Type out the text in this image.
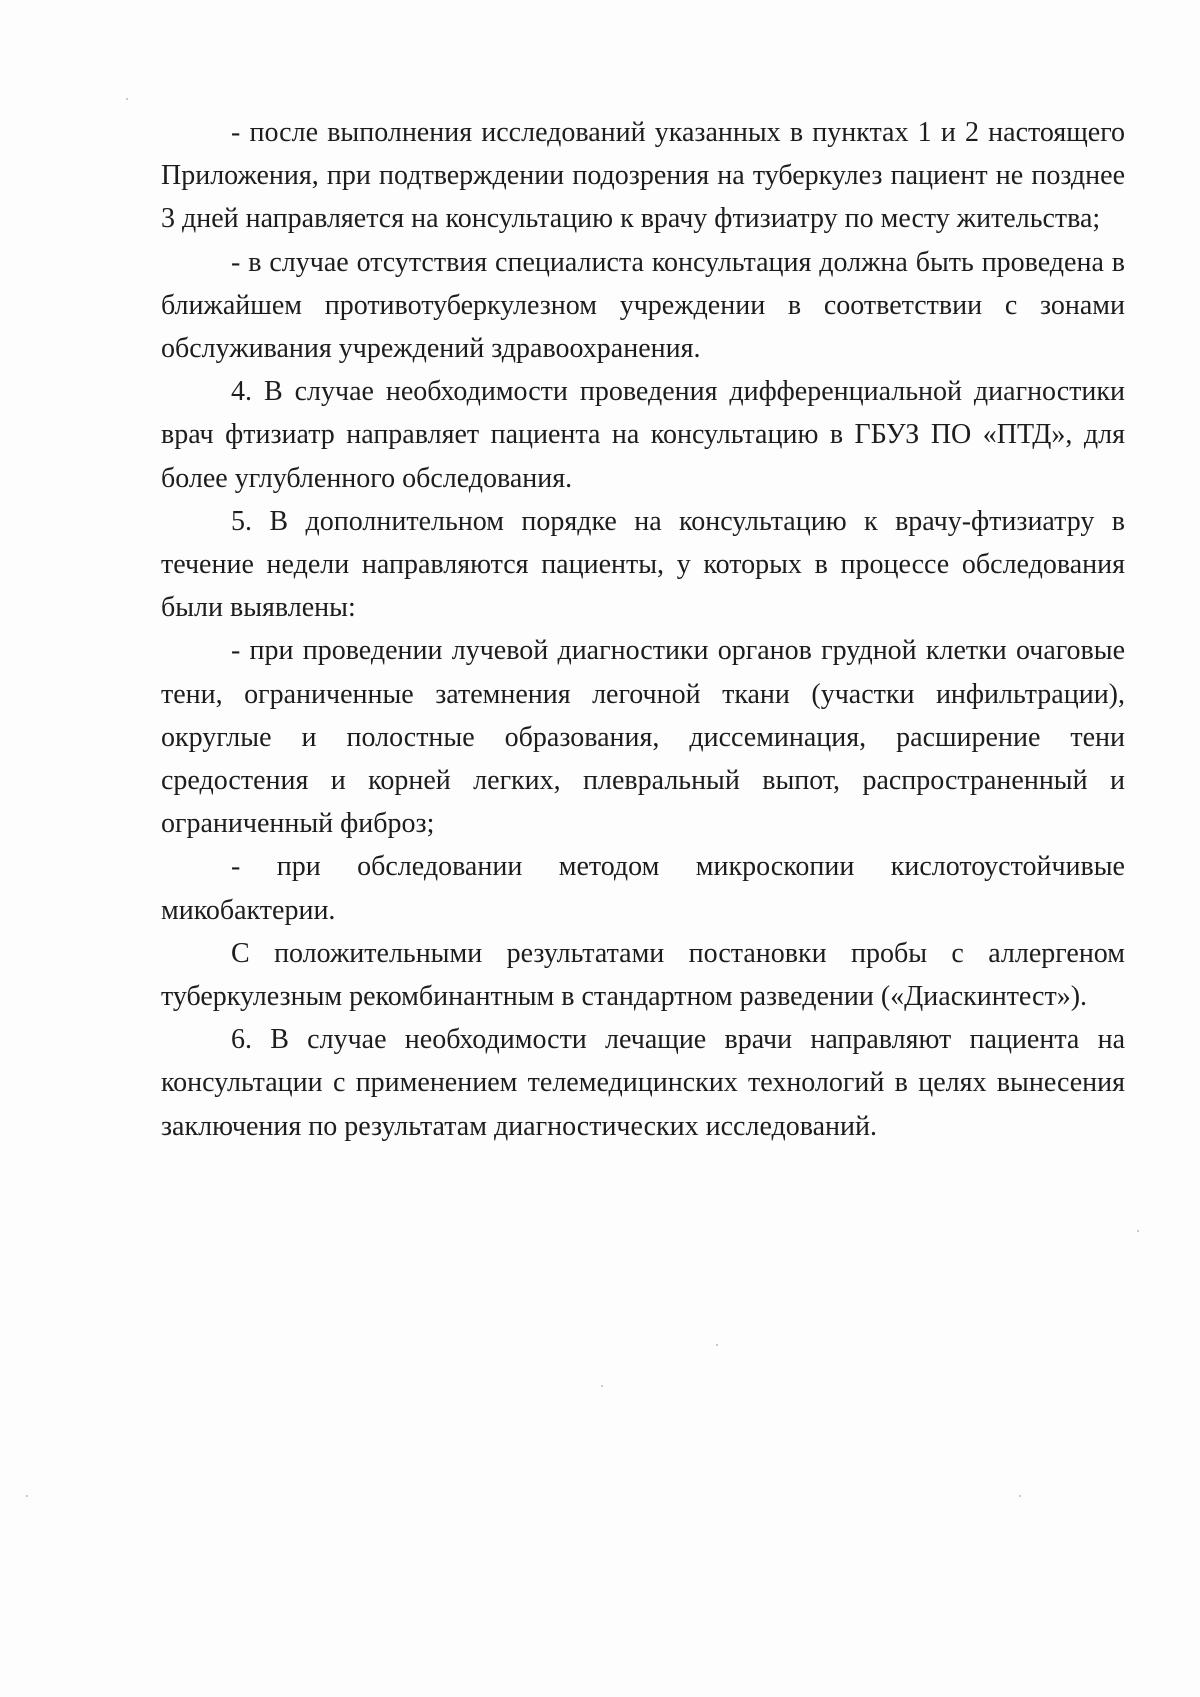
- после выполнения исследований указанных в пунктах 1 и 2 настоящего Приложения, при подтверждении подозрения на туберкулез пациент не позднее 3 дней направляется на консультацию к врачу фтизиатру по месту жительства;

- в случае отсутствия специалиста консультация должна быть проведена в ближайшем противотуберкулезном учреждении в соответствии с зонами обслуживания учреждений здравоохранения.

4. В случае необходимости проведения дифференциальной диагностики врач фтизиатр направляет пациента на консультацию в ГБУЗ ПО «ПТД», для более углубленного обследования.

5. В дополнительном порядке на консультацию к врачу-фтизиатру в течение недели направляются пациенты, у которых в процессе обследования были выявлены:

- при проведении лучевой диагностики органов грудной клетки очаговые тени, ограниченные затемнения легочной ткани (участки инфильтрации), округлые и полостные образования, диссеминация, расширение тени средостения и корней легких, плевральный выпот, распространенный и ограниченный фиброз;

- при обследовании методом микроскопии кислотоустойчивые микобактерии.

С положительными результатами постановки пробы с аллергеном туберкулезным рекомбинантным в стандартном разведении («Диаскинтест»).

6. В случае необходимости лечащие врачи направляют пациента на консультации с применением телемедицинских технологий в целях вынесения заключения по результатам диагностических исследований.
